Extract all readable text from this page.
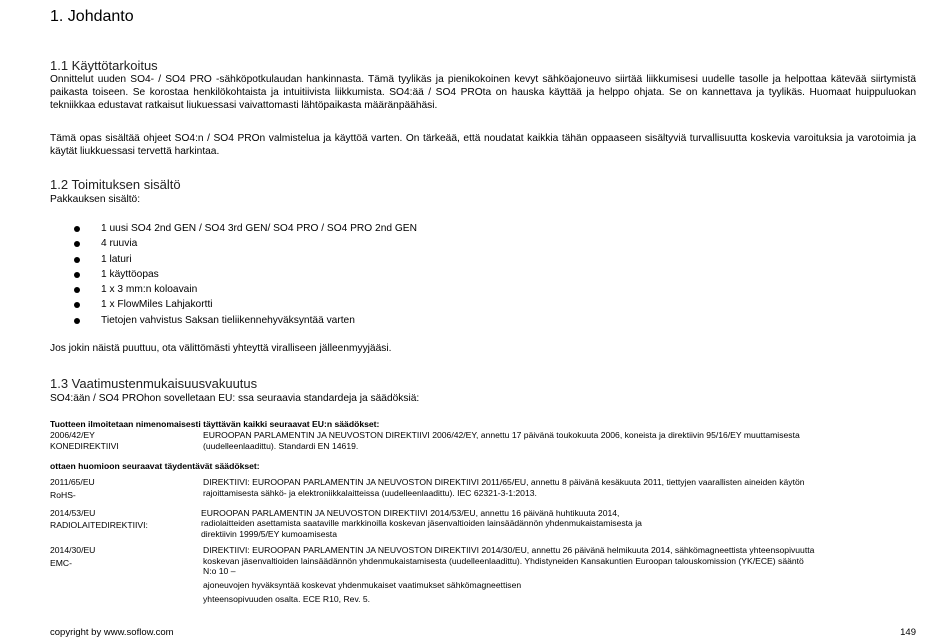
1. Johdanto
1.1 Käyttötarkoitus
Onnittelut uuden SO4- / SO4 PRO -sähköpotkulaudan hankinnasta. Tämä tyylikäs ja pienikokoinen kevyt sähköajoneuvo siirtää liikkumisesi uudelle tasolle ja helpottaa kätevää siirtymistä paikasta toiseen. Se korostaa henkilökohtaista ja intuitiivista liikkumista. SO4:ää / SO4 PROta on hauska käyttää ja helppo ohjata. Se on kannettava ja tyylikäs. Huomaat huippuluokan tekniikkaa edustavat ratkaisut liukuessasi vaivattomasti lähtöpaikasta määränpäähäsi.
Tämä opas sisältää ohjeet SO4:n / SO4 PROn valmistelua ja käyttöä varten. On tärkeää, että noudatat kaikkia tähän oppaaseen sisältyviä turvallisuutta koskevia varoituksia ja varotoimia ja käytät liukkuessasi tervettä harkintaa.
1.2 Toimituksen sisältö
Pakkauksen sisältö:
1 uusi SO4 2nd GEN / SO4 3rd GEN/ SO4 PRO / SO4 PRO 2nd GEN
4 ruuvia
1 laturi
1 käyttöopas
1 x 3 mm:n koloavain
1 x FlowMiles Lahjakortti
Tietojen vahvistus Saksan tieliikennehyväksyntää varten
Jos jokin näistä puuttuu, ota välittömästi yhteyttä viralliseen jälleenmyyjääsi.
1.3 Vaatimustenmukaisuusvakuutus
SO4:ään / SO4 PROhon sovelletaan EU: ssa seuraavia standardeja ja säädöksiä:
Tuotteen ilmoitetaan nimenomaisesti täyttävän kaikki seuraavat EU:n säädökset:
2006/42/EY
KONEDIREKTIIVI
EUROOPAN PARLAMENTIN JA NEUVOSTON DIREKTIIVI 2006/42/EY, annettu 17 päivänä toukokuuta 2006, koneista ja direktiivin 95/16/EY muuttamisesta
(uudelleenlaadittu). Standardi EN 14619.
ottaen huomioon seuraavat täydentävät säädökset:
2011/65/EU
RoHS-
DIREKTIIVI: EUROOPAN PARLAMENTIN JA NEUVOSTON DIREKTIIVI 2011/65/EU, annettu 8 päivänä kesäkuuta 2011, tiettyjen vaarallisten aineiden käytön
rajoittamisesta sähkö- ja elektroniikkalaitteissa (uudelleenlaadittu). IEC 62321-3-1:2013.
2014/53/EU
RADIOLAITEDIREKTIIVI:
EUROOPAN PARLAMENTIN JA NEUVOSTON DIREKTIIVI 2014/53/EU, annettu 16 päivänä huhtikuuta 2014,
radiolaitteiden asettamista saataville markkinoilla koskevan jäsenvaltioiden lainsäädännön yhdenmukaistamisesta ja
direktiivin 1999/5/EY kumoamisesta
2014/30/EU
EMC-
DIREKTIIVI: EUROOPAN PARLAMENTIN JA NEUVOSTON DIREKTIIVI 2014/30/EU, annettu 26 päivänä helmikuuta 2014, sähkömagneettista yhteensopivuutta
koskevan jäsenvaltioiden lainsäädännön yhdenmukaistamisesta (uudelleenlaadittu). Yhdistyneiden Kansakuntien Euroopan talouskomission (YK/ECE) sääntö
N:o 10 –
ajoneuvojen hyväksyntää koskevat yhdenmukaiset vaatimukset sähkömagneettisen
yhteensopivuuden osalta. ECE R10, Rev. 5.
copyright by www.soflow.com	149
